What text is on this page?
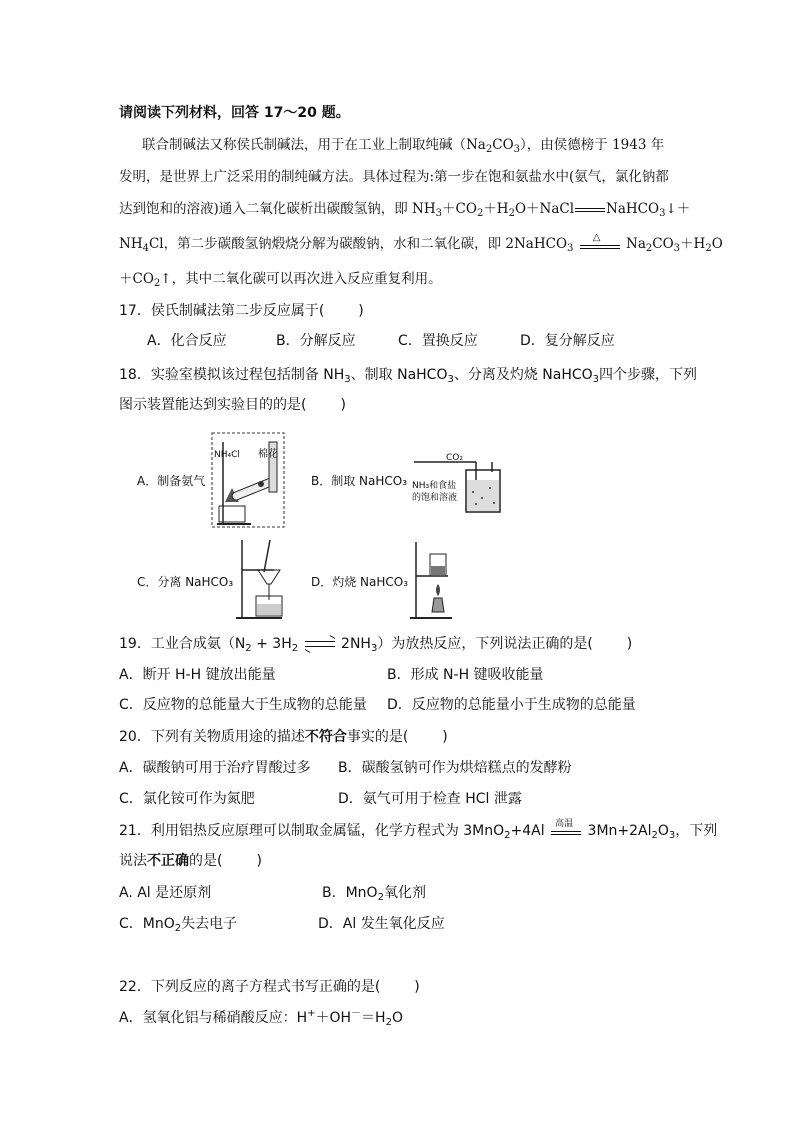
请阅读下列材料，回答 17～20 题。
联合制碱法又称侯氏制碱法，用于在工业上制取纯碱$(Na_2CO_3)$，由侯德榜于 1943 年
发明，是世界上广泛采用的制纯碱方法。具体过程为:第一步在饱和氨盐水中(氨气，氯化钠都
达到饱和的溶液)通入二氧化碳析出碳酸氢钠，即 $NH_3+CO_2+H_2O+NaCl$ NaHCO$_3$↓＋
$NH_4Cl$，第二步碳酸氢钠煅烧分解为碳酸钠，水和二氧化碳，即 2NaHCO$_3$
△ $Na_2CO_3+H_2O$
$+CO_2↑$，其中二氧化碳可以再次进入反应重复利用。
17．侯氏制碱法第二步反应属于( )
A．化合反应	B．分解反应	C．置换反应	D．复分解反应
18．实验室模拟该过程包括制备 $NH_3$、制取 NaHCO$_3$、分离及灼烧 NaHCO$_3$四个步骤，下列
图示装置能达到实验目的的是( )
A．制备氨气
NH₄Cl 棉花
B．制取 NaHCO₃
CO₂
NH₃和食盐
的饱和溶液
C．分离 NaHCO₃	D．灼烧 NaHCO₃
19．工业合成氨（$N_2 + 3H_2$ ⇌ $2NH_3$）为放热反应，下列说法正确的是( )
A．断开 H-H 键放出能量	B．形成 N-H 键吸收能量
C．反应物的总能量大于生成物的总能量 D．反应物的总能量小于生成物的总能量
20．下列有关物质用途的描述不符合事实的是( )
A．碳酸钠可用于治疗胃酸过多 B．碳酸氢钠可作为烘焙糕点的发酵粉
C．氯化铵可作为氮肥	D．氨气可用于检查 HCl 泄露
21．利用铝热反应原理可以制取金属锰，化学方程式为 3MnO$_2$+4Al 高温 $3Mn+2Al_2O_3$，下列
说法不正确的是( )
A. Al 是还原剂	B．MnO$_2$氧化剂
C．MnO$_2$失去电子	D．Al 发生氧化反应
22．下列反应的离子方程式书写正确的是( )
A．氢氧化铝与稀硝酸反应：$H^++OH^-=H_2O$
